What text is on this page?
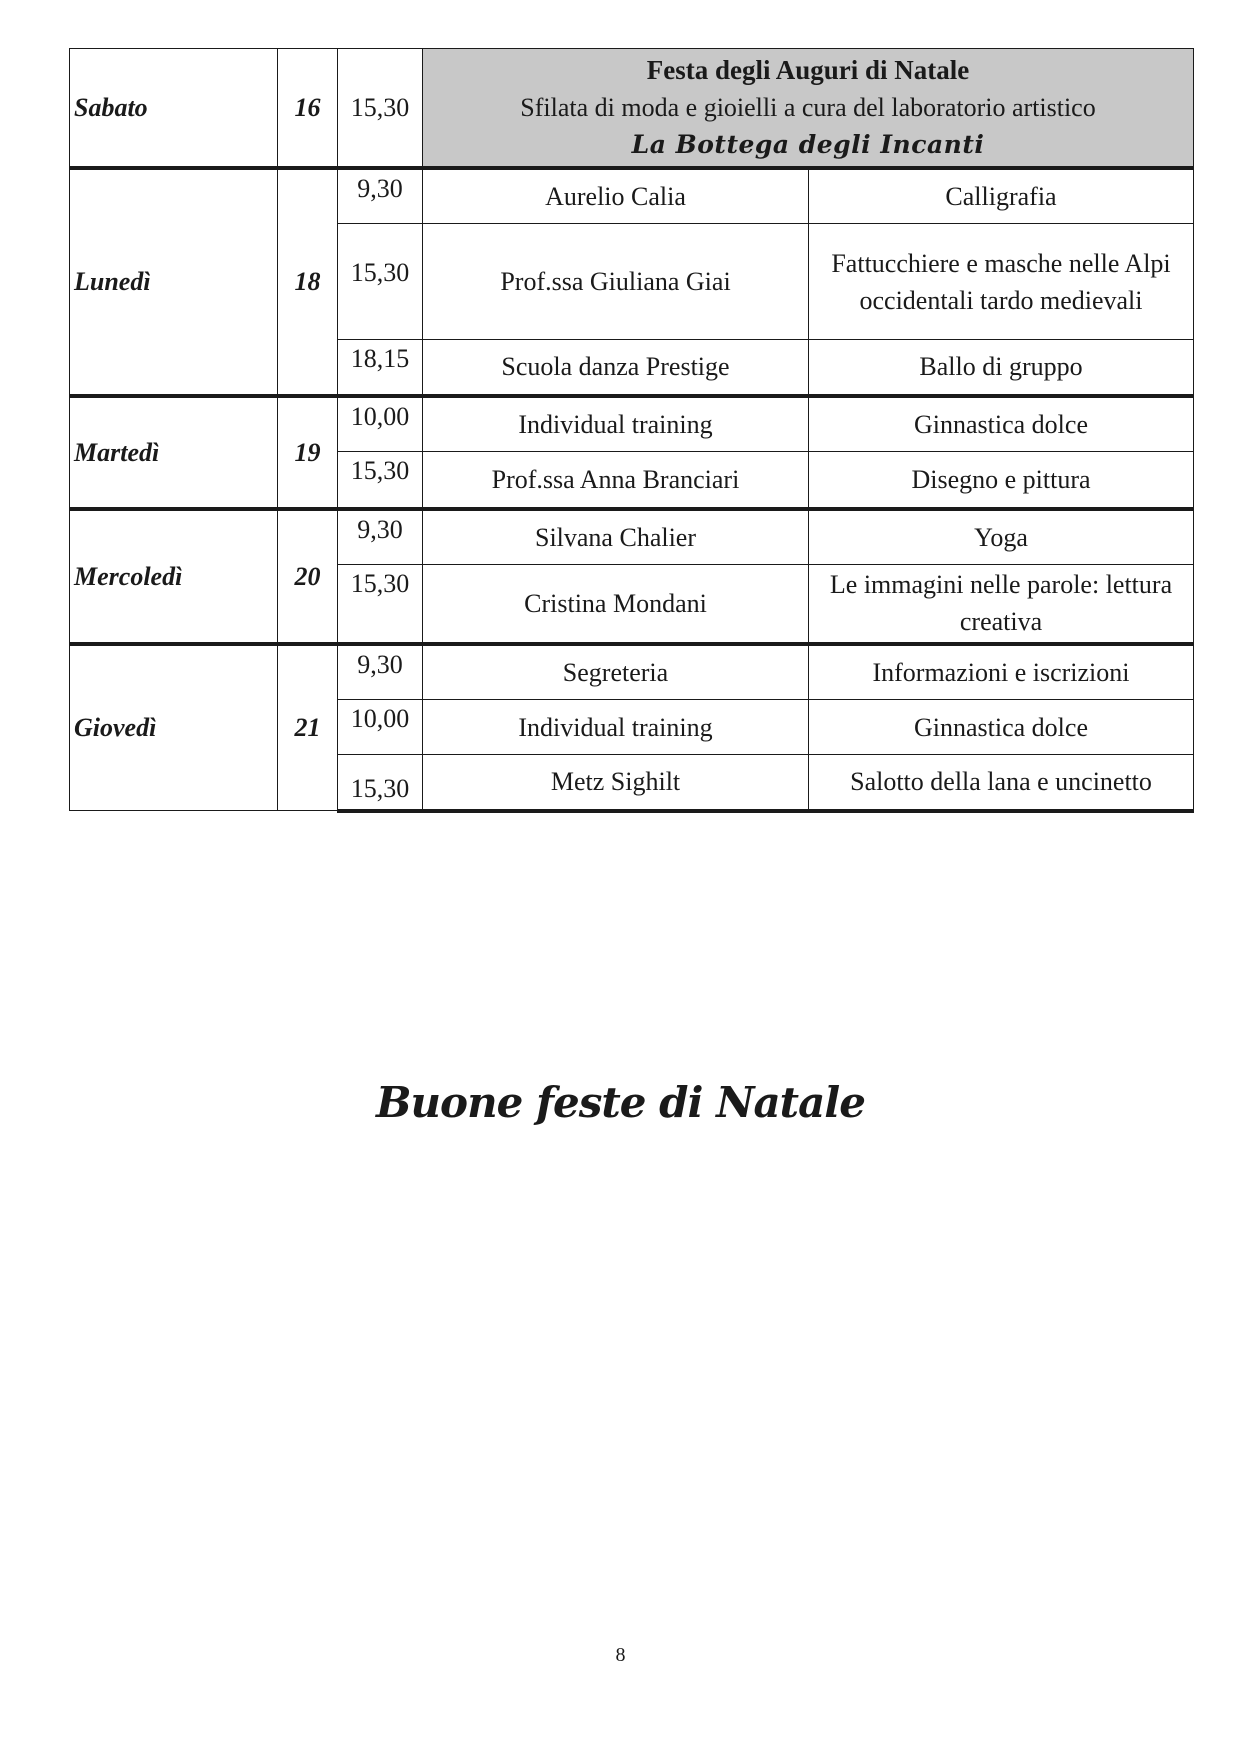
Sabato	16	15,30	Festa degli Auguri di Natale
Sfilata di moda e gioielli a cura del laboratorio artistico
La Bottega degli Incanti	

Lunedì	18	9,30	Aurelio Calia	Calligrafia
		15,30	Prof.ssa Giuliana Giai	Fattucchiere e masche nelle Alpi occidentali tardo medievali
		18,15	Scuola danza Prestige	Ballo di gruppo
Martedì	19	10,00	Individual training	Ginnastica dolce
		15,30	Prof.ssa Anna Branciari	Disegno e pittura
Mercoledì	20	9,30	Silvana Chalier	Yoga
		15,30	Cristina Mondani	Le immagini nelle parole: lettura creativa
Giovedì	21	9,30	Segreteria	Informazioni e iscrizioni
		10,00	Individual training	Ginnastica dolce
		15,30	Metz Sighilt	Salotto della lana e uncinetto
Buone feste di Natale
8
